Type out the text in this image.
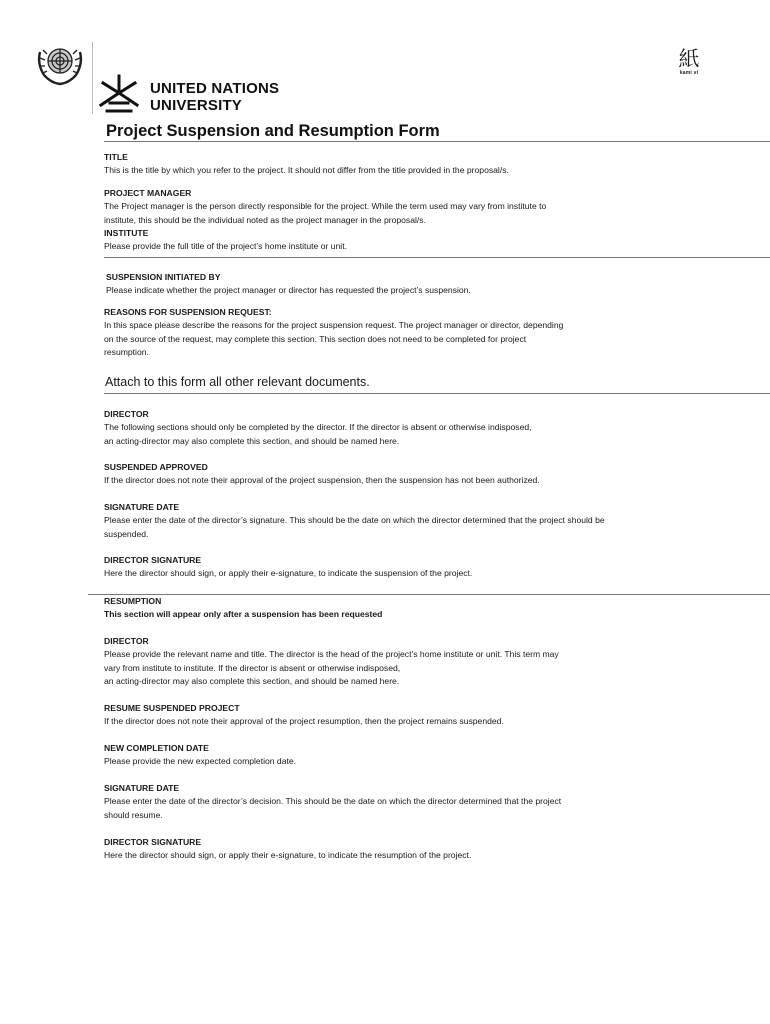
UNITED NATIONS
UNIVERSITY
紙
kami vi
Project Suspension and Resumption Form
TITLE
This is the title by which you refer to the project. It should not differ from the title provided in the proposal/s.
PROJECT MANAGER
The Project manager is the person directly responsible for the project. While the term used may vary from institute to
institute, this should be the individual noted as the project manager in the proposal/s.
INSTITUTE
Please provide the full title of the project’s home institute or unit.
SUSPENSION INITIATED BY
Please indicate whether the project manager or director has requested the project’s suspension.
REASONS FOR SUSPENSION REQUEST:
In this space please describe the reasons for the project suspension request. The project manager or director, depending
on the source of the request, may complete this section. This section does not need to be completed for project
resumption.
Attach to this form all other relevant documents.
DIRECTOR
The following sections should only be completed by the director. If the director is absent or otherwise indisposed,
an acting-director may also complete this section, and should be named here.
SUSPENDED APPROVED
If the director does not note their approval of the project suspension, then the suspension has not been authorized.
SIGNATURE DATE
Please enter the date of the director’s signature. This should be the date on which the director determined that the project should be
suspended.
DIRECTOR SIGNATURE
Here the director should sign, or apply their e-signature, to indicate the suspension of the project.
RESUMPTION
This section will appear only after a suspension has been requested
DIRECTOR
Please provide the relevant name and title. The director is the head of the project’s home institute or unit. This term may
vary from institute to institute. If the director is absent or otherwise indisposed,
an acting-director may also complete this section, and should be named here.
RESUME SUSPENDED PROJECT
If the director does not note their approval of the project resumption, then the project remains suspended.
NEW COMPLETION DATE
Please provide the new expected completion date.
SIGNATURE DATE
Please enter the date of the director’s decision. This should be the date on which the director determined that the project
should resume.
DIRECTOR SIGNATURE
Here the director should sign, or apply their e-signature, to indicate the resumption of the project.
